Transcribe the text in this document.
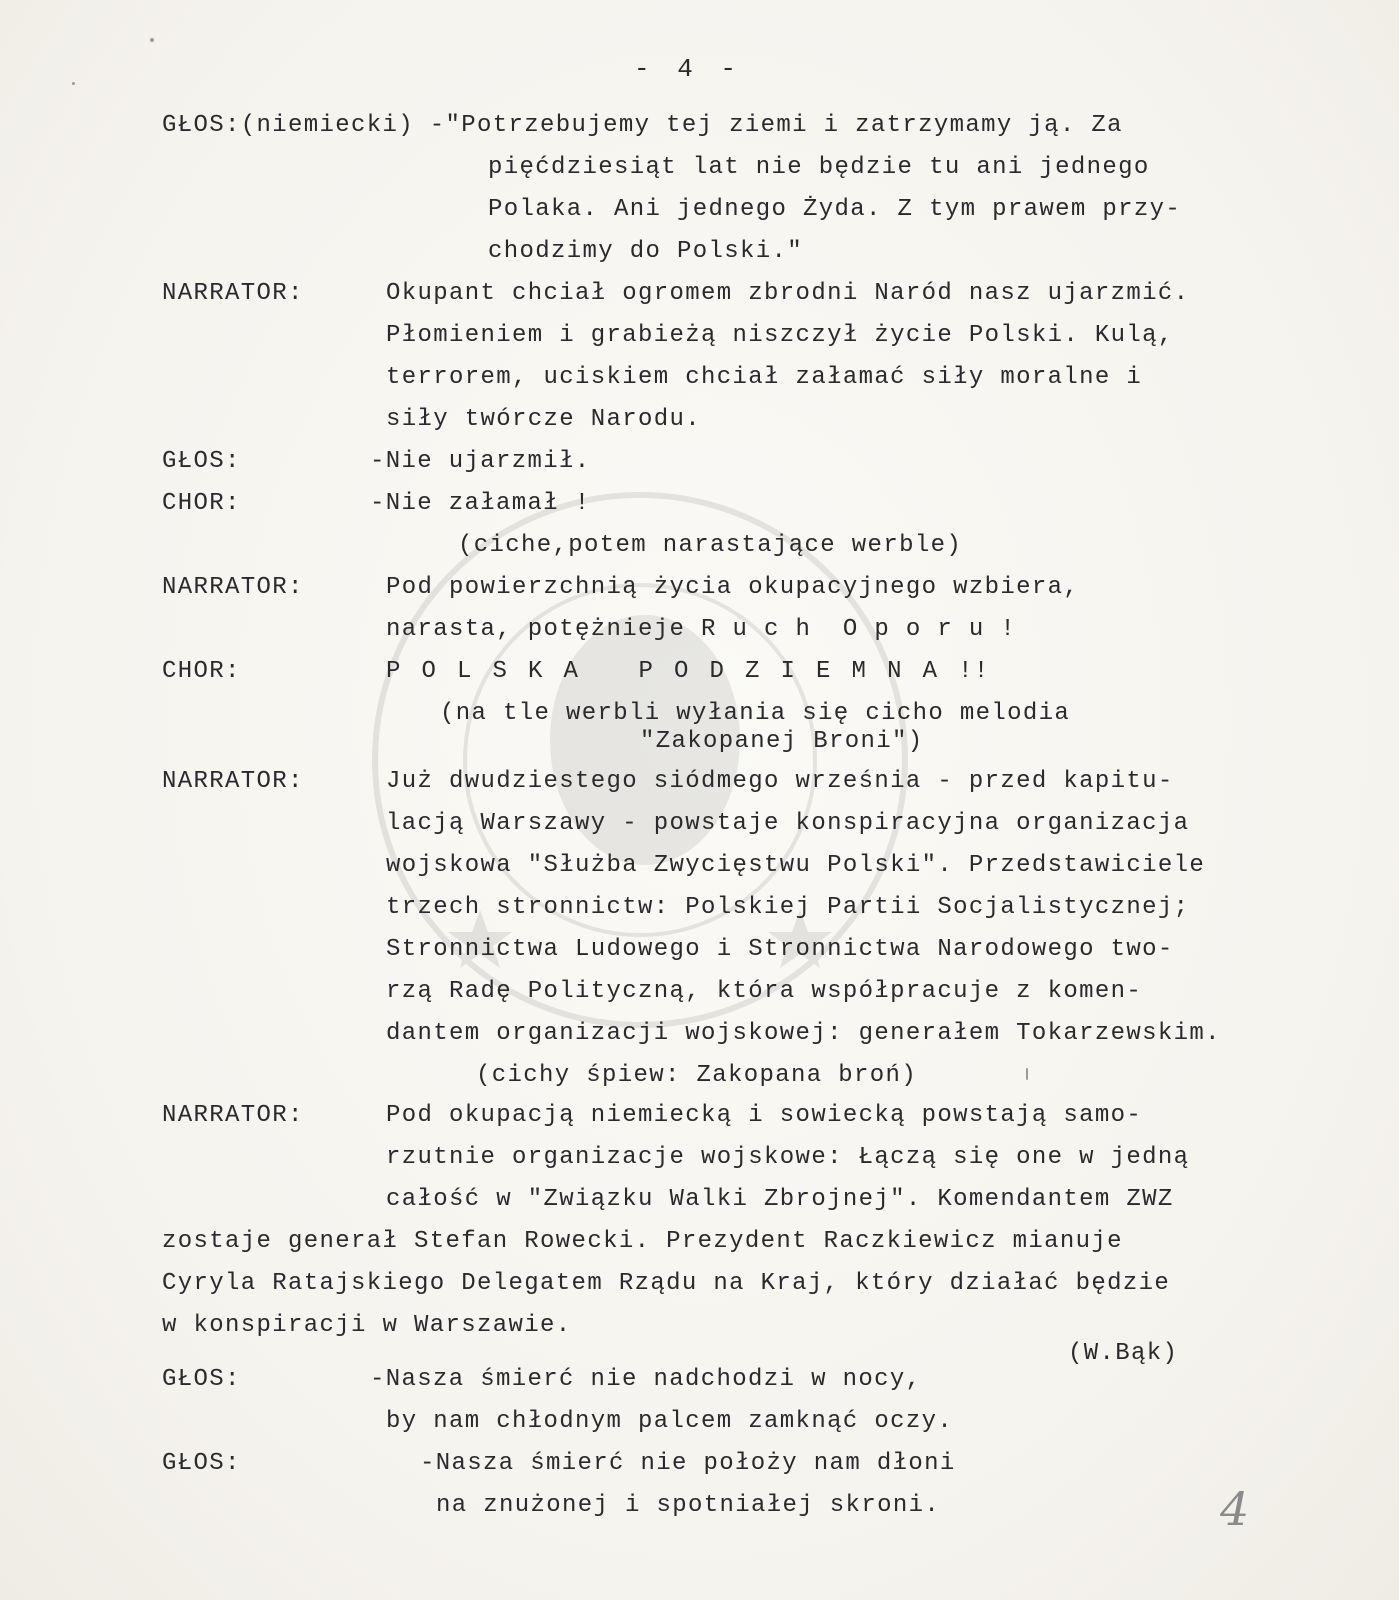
- 4 -
GŁOS:(niemiecki) -"Potrzebujemy tej ziemi i zatrzymamy ją. Za
pięćdziesiąt lat nie będzie tu ani jednego
Polaka. Ani jednego Żyda. Z tym prawem przy-
chodzimy do Polski."
NARRATOR:	Okupant chciał ogromem zbrodni Naród nasz ujarzmić.
Płomieniem i grabieżą niszczył życie Polski. Kulą,
terrorem, uciskiem chciał załamać siły moralne i
siły twórcze Narodu.
GŁOS:	-Nie ujarzmił.
CHOR:	-Nie załamał !
(ciche,potem narastające werble)
NARRATOR:	Pod powierzchnią życia okupacyjnego wzbiera,
narasta, potężnieje R u c h  O p o r u !
CHOR:	P O L S K A   P O D Z I E M N A !!
(na tle werbli wyłania się cicho melodia
"Zakopanej Broni")
NARRATOR:	Już dwudziestego siódmego września - przed kapitu-
lacją Warszawy - powstaje konspiracyjna organizacja
wojskowa "Służba Zwycięstwu Polski". Przedstawiciele
trzech stronnictw: Polskiej Partii Socjalistycznej;
Stronnictwa Ludowego i Stronnictwa Narodowego two-
rzą Radę Polityczną, która współpracuje z komen-
dantem organizacji wojskowej: generałem Tokarzewskim.
(cichy śpiew: Zakopana broń)
NARRATOR:	Pod okupacją niemiecką i sowiecką powstają samo-
rzutnie organizacje wojskowe: Łączą się one w jedną
całość w "Związku Walki Zbrojnej". Komendantem ZWZ
zostaje generał Stefan Rowecki. Prezydent Raczkiewicz mianuje
Cyryla Ratajskiego Delegatem Rządu na Kraj, który działać będzie
w konspiracji w Warszawie.
(W.Bąk)
GŁOS:	-Nasza śmierć nie nadchodzi w nocy,
by nam chłodnym palcem zamknąć oczy.
GŁOS:	-Nasza śmierć nie położy nam dłoni
na znużonej i spotniałej skroni.	4
